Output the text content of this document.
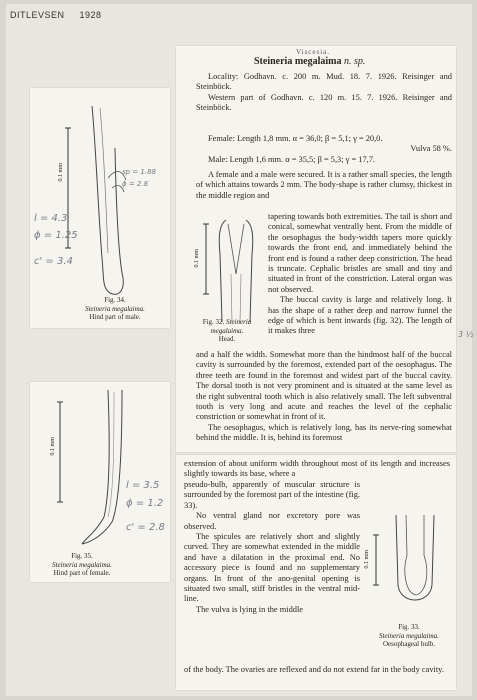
DITLEVSEN 1928
0.1 mm
l = 4.3
ϕ = 1.25
c' = 3.4
sp = 1.88
ϕ = 2.8
Fig. 34.
Steineria megalaima.
Hind part of male.
0.1 mm
l = 3.5
ϕ = 1.2
c' = 2.8
Fig. 35.
Steineria megalaima.
Hind part of female.
Viscesia.
Steineria megalaima n. sp.

Locality: Godhavn. c. 200 m. Mud. 18. 7. 1926. Reisinger and Steinböck.

Western part of Godhavn. c. 120 m. 15. 7. 1926. Reisinger and Steinböck.

Female: Length 1,8 mm. α = 36,0; β = 5,1; γ = 20,0.

Vulva 58 %.

Male: Length 1,6 mm. α = 35,5; β = 5,3; γ = 17,7.

A female and a male were secured. It is a rather small species, the length of which attains towards 2 mm. The body-shape is rather clumsy, thickest in the middle region and

0.1 mm
Fig. 32. Steineria megalaima.
Head.

tapering towards both extremities. The tail is short and conical, somewhat ventrally bent. From the middle of the oesophagus the body-width tapers more quickly towards the front end, and immediately behind the front end is found a rather deep constriction. The head is truncate. Cephalic bristles are small and tiny and situated in front of the constriction. Lateral organ was not observed.

The buccal cavity is large and relatively long. It has the shape of a rather deep and narrow funnel the edge of which is bent inwards (fig. 32). The length of it makes three

and a half the width. Somewhat more than the hindmost half of the buccal cavity is surrounded by the foremost, extended part of the oesophagus. The three teeth are found in the foremost and widest part of the buccal cavity. The dorsal tooth is not very prominent and is situated at the same level as the right subventral tooth which is also relatively small. The left subventral tooth is very long and acute and reaches the level of the cephalic constriction or somewhat in front of it.

The oesophagus, which is relatively long, has its nerve-ring somewhat behind the middle. It is, behind its foremost

3 ½

extension of about uniform width throughout most of its length and increases slightly towards its base, where a

pseudo-bulb, apparently of muscular structure is surrounded by the foremost part of the intestine (fig. 33).

No ventral gland nor excretory pore was observed.

The spicules are relatively short and slightly curved. They are somewhat extended in the middle and have a dilatation in the proximal end. No accessory piece is found and no supplementary organs. In front of the ano-genital opening is situated two small, stiff bristles in the ventral mid-line.

The vulva is lying in the middle

0.1 mm
Fig. 33.
Steineria megalaima.
Oesophageal bulb.

of the body. The ovaries are reflexed and do not extend far in the body cavity.
